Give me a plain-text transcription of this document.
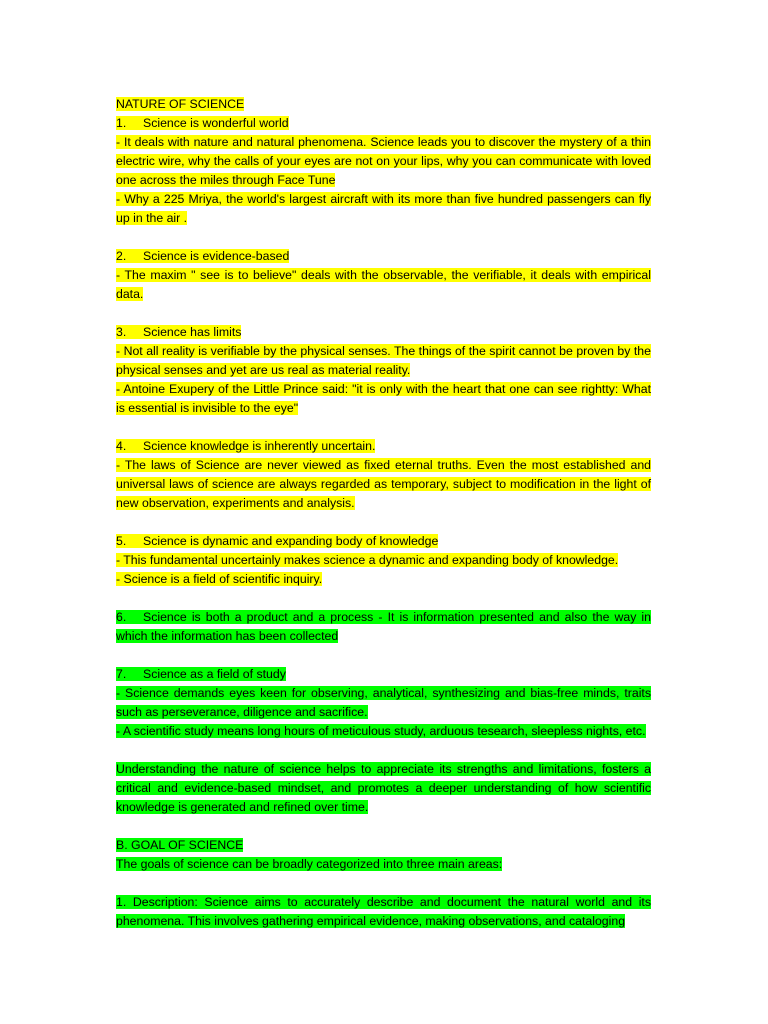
NATURE OF SCIENCE

1. Science is wonderful world

- It deals with nature and natural phenomena. Science leads you to discover the mystery of a thin electric wire, why the calls of your eyes are not on your lips, why you can communicate with loved one across the miles through Face Tune

- Why a 225 Mriya, the world's largest aircraft with its more than five hundred passengers can fly up in the air .

2. Science is evidence-based

- The maxim " see is to believe" deals with the observable, the verifiable, it deals with empirical data.

3. Science has limits

- Not all reality is verifiable by the physical senses. The things of the spirit cannot be proven by the physical senses and yet are us real as material reality.

- Antoine Exupery of the Little Prince said: "it is only with the heart that one can see rightty: What is essential is invisible to the eye"

4. Science knowledge is inherently uncertain.

- The laws of Science are never viewed as fixed eternal truths. Even the most established and universal laws of science are always regarded as temporary, subject to modification in the light of new observation, experiments and analysis.

5. Science is dynamic and expanding body of knowledge

- This fundamental uncertainly makes science a dynamic and expanding body of knowledge.

- Science is a field of scientific inquiry.

6. Science is both a product and a process - It is information presented and also the way in which the information has been collected

7. Science as a field of study

- Science demands eyes keen for observing, analytical, synthesizing and bias-free minds, traits such as perseverance, diligence and sacrifice.

- A scientific study means long hours of meticulous study, arduous tesearch, sleepless nights, etc.

Understanding the nature of science helps to appreciate its strengths and limitations, fosters a critical and evidence-based mindset, and promotes a deeper understanding of how scientific knowledge is generated and refined over time.

B. GOAL OF SCIENCE

The goals of science can be broadly categorized into three main areas:

1. Description: Science aims to accurately describe and document the natural world and its phenomena. This involves gathering empirical evidence, making observations, and cataloging
